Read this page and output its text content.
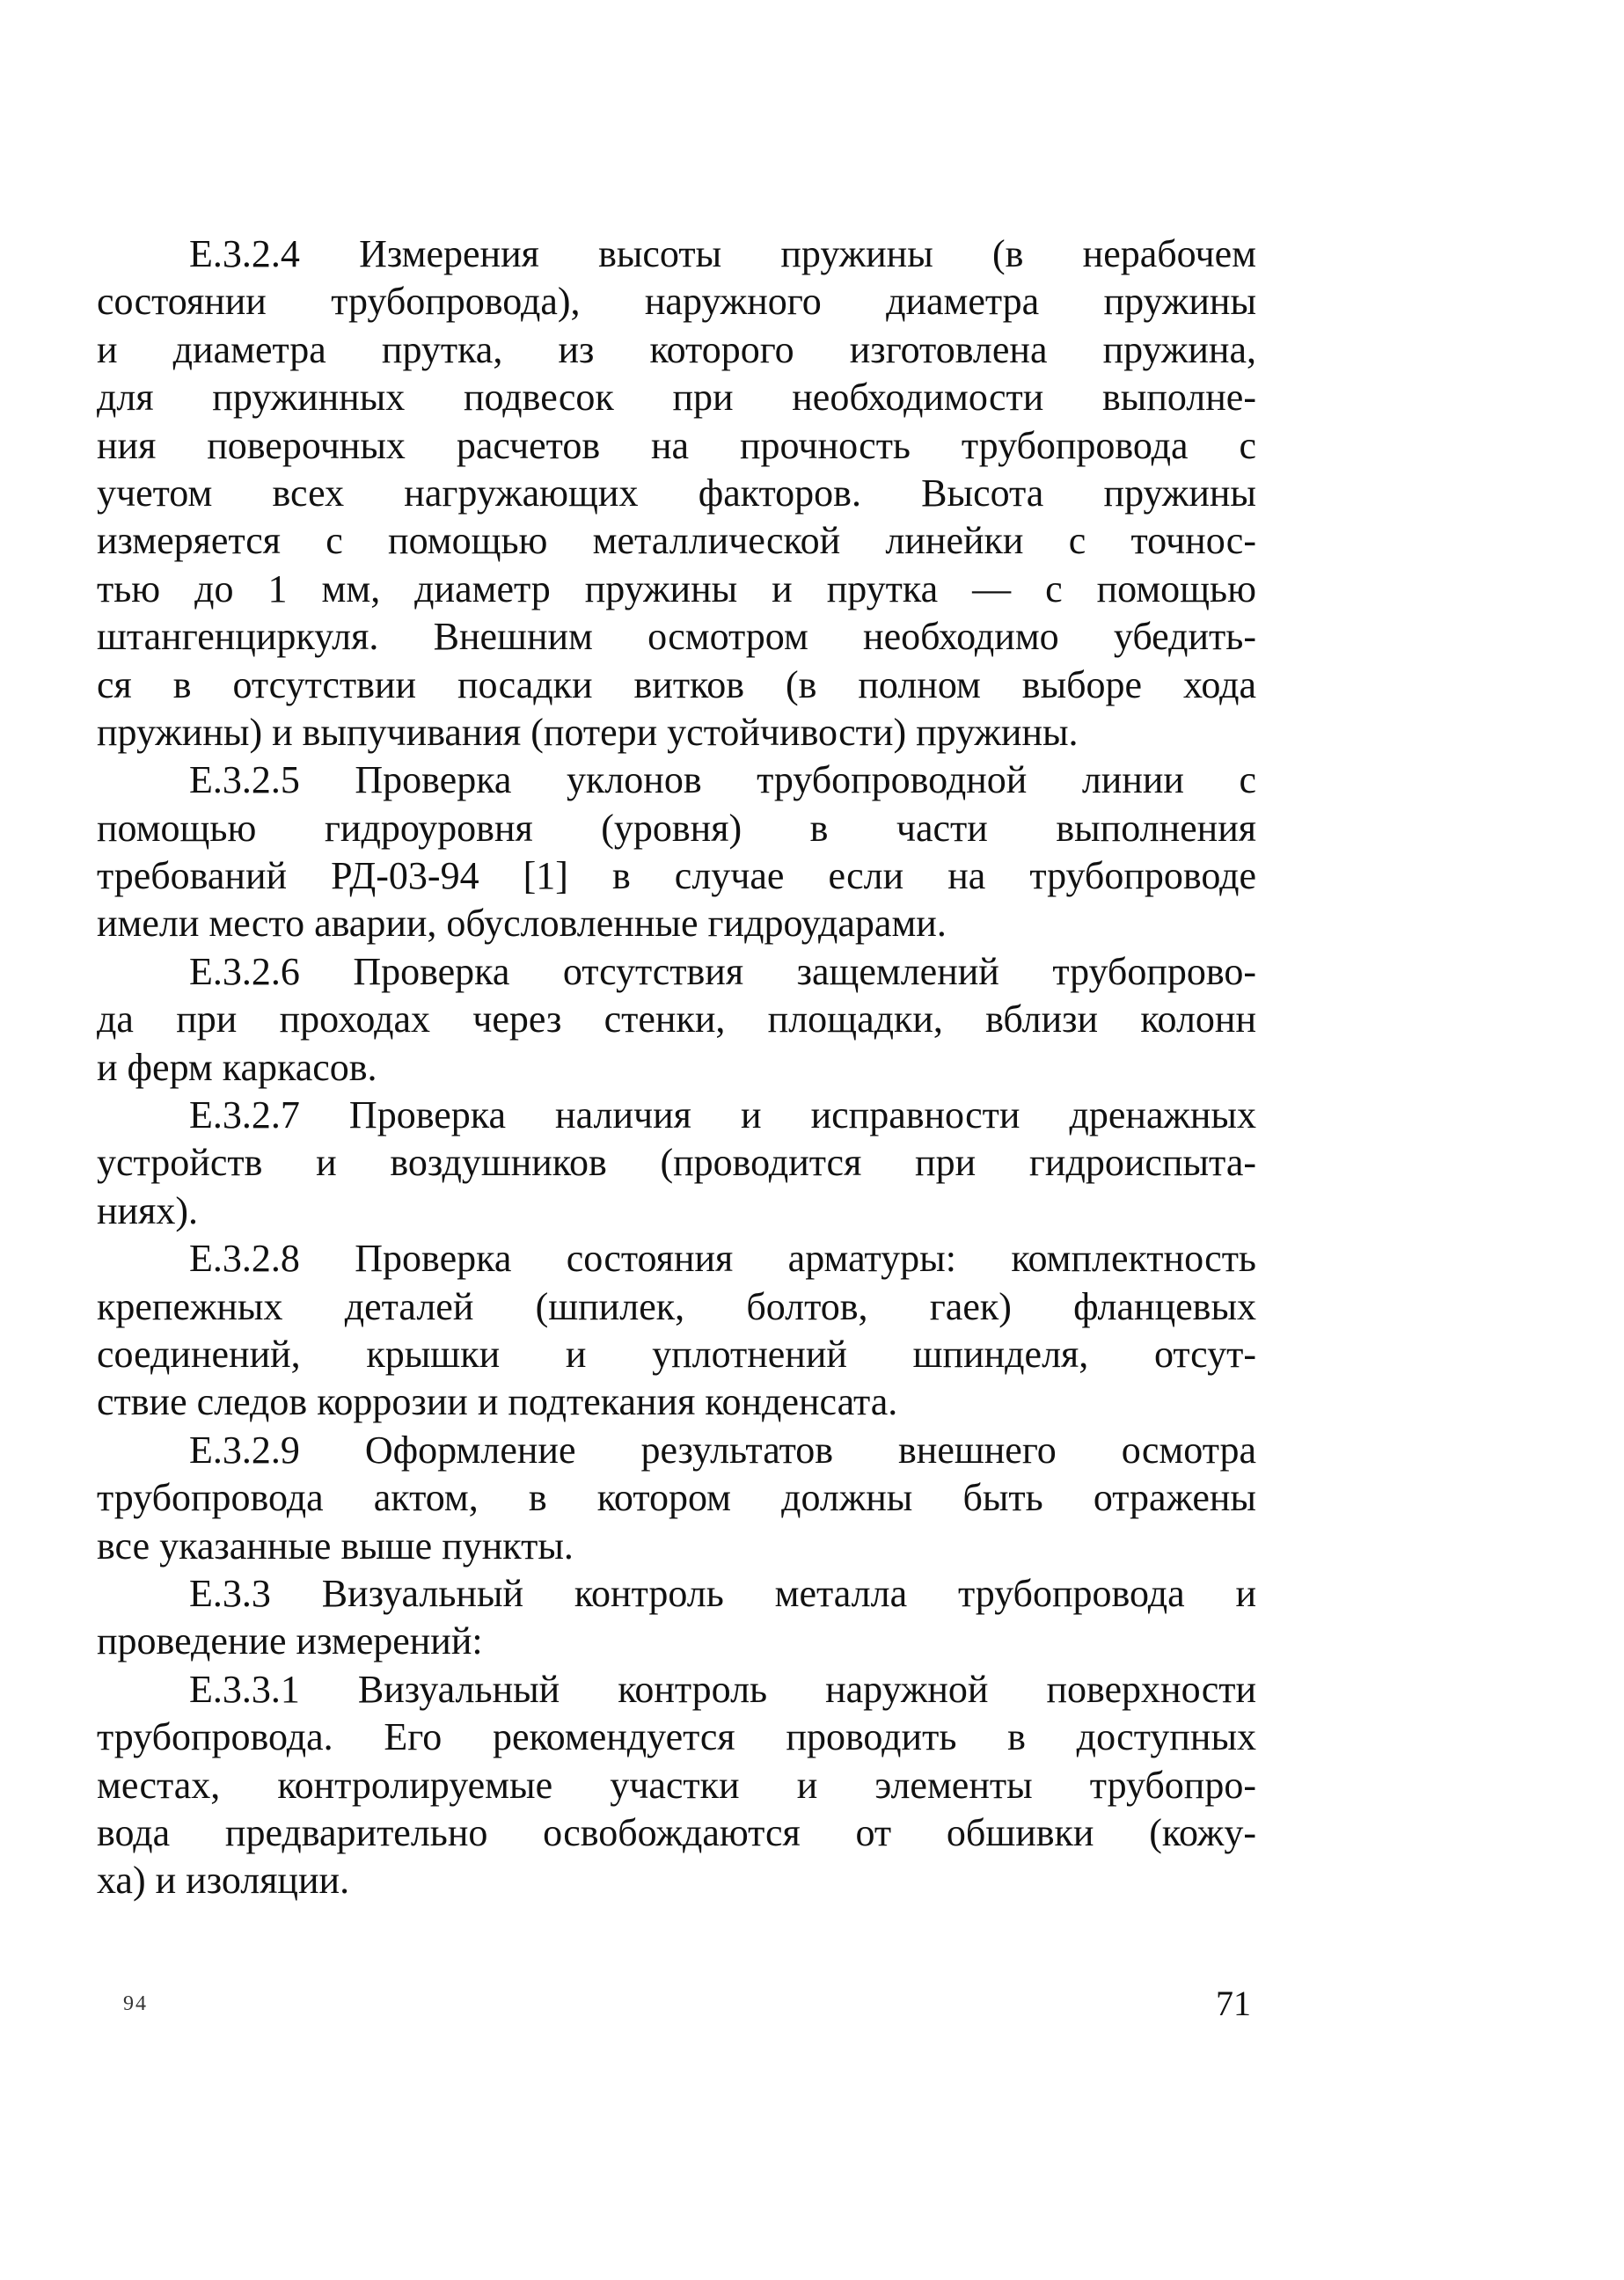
Е.3.2.4 Измерения высоты пружины (в нерабочем
состоянии трубопровода), наружного диаметра пружины
и диаметра прутка, из которого изготовлена пружина,
для пружинных подвесок при необходимости выполне-
ния поверочных расчетов на прочность трубопровода с
учетом всех нагружающих факторов. Высота пружины
измеряется с помощью металлической линейки с точнос-
тью до 1 мм, диаметр пружины и прутка — с помощью
штангенциркуля. Внешним осмотром необходимо убедить-
ся в отсутствии посадки витков (в полном выборе хода
пружины) и выпучивания (потери устойчивости) пружины.
Е.3.2.5 Проверка уклонов трубопроводной линии с
помощью гидроуровня (уровня) в части выполнения
требований РД-03-94 [1] в случае если на трубопроводе
имели место аварии, обусловленные гидроударами.
Е.3.2.6 Проверка отсутствия защемлений трубопрово-
да при проходах через стенки, площадки, вблизи колонн
и ферм каркасов.
Е.3.2.7 Проверка наличия и исправности дренажных
устройств и воздушников (проводится при гидроиспыта-
ниях).
Е.3.2.8 Проверка состояния арматуры: комплектность
крепежных деталей (шпилек, болтов, гаек) фланцевых
соединений, крышки и уплотнений шпинделя, отсут-
ствие следов коррозии и подтекания конденсата.
Е.3.2.9 Оформление результатов внешнего осмотра
трубопровода актом, в котором должны быть отражены
все указанные выше пункты.
Е.3.3 Визуальный контроль металла трубопровода и
проведение измерений:
Е.3.3.1 Визуальный контроль наружной поверхности
трубопровода. Его рекомендуется проводить в доступных
местах, контролируемые участки и элементы трубопро-
вода предварительно освобождаются от обшивки (кожу-
ха) и изоляции.
94	71
